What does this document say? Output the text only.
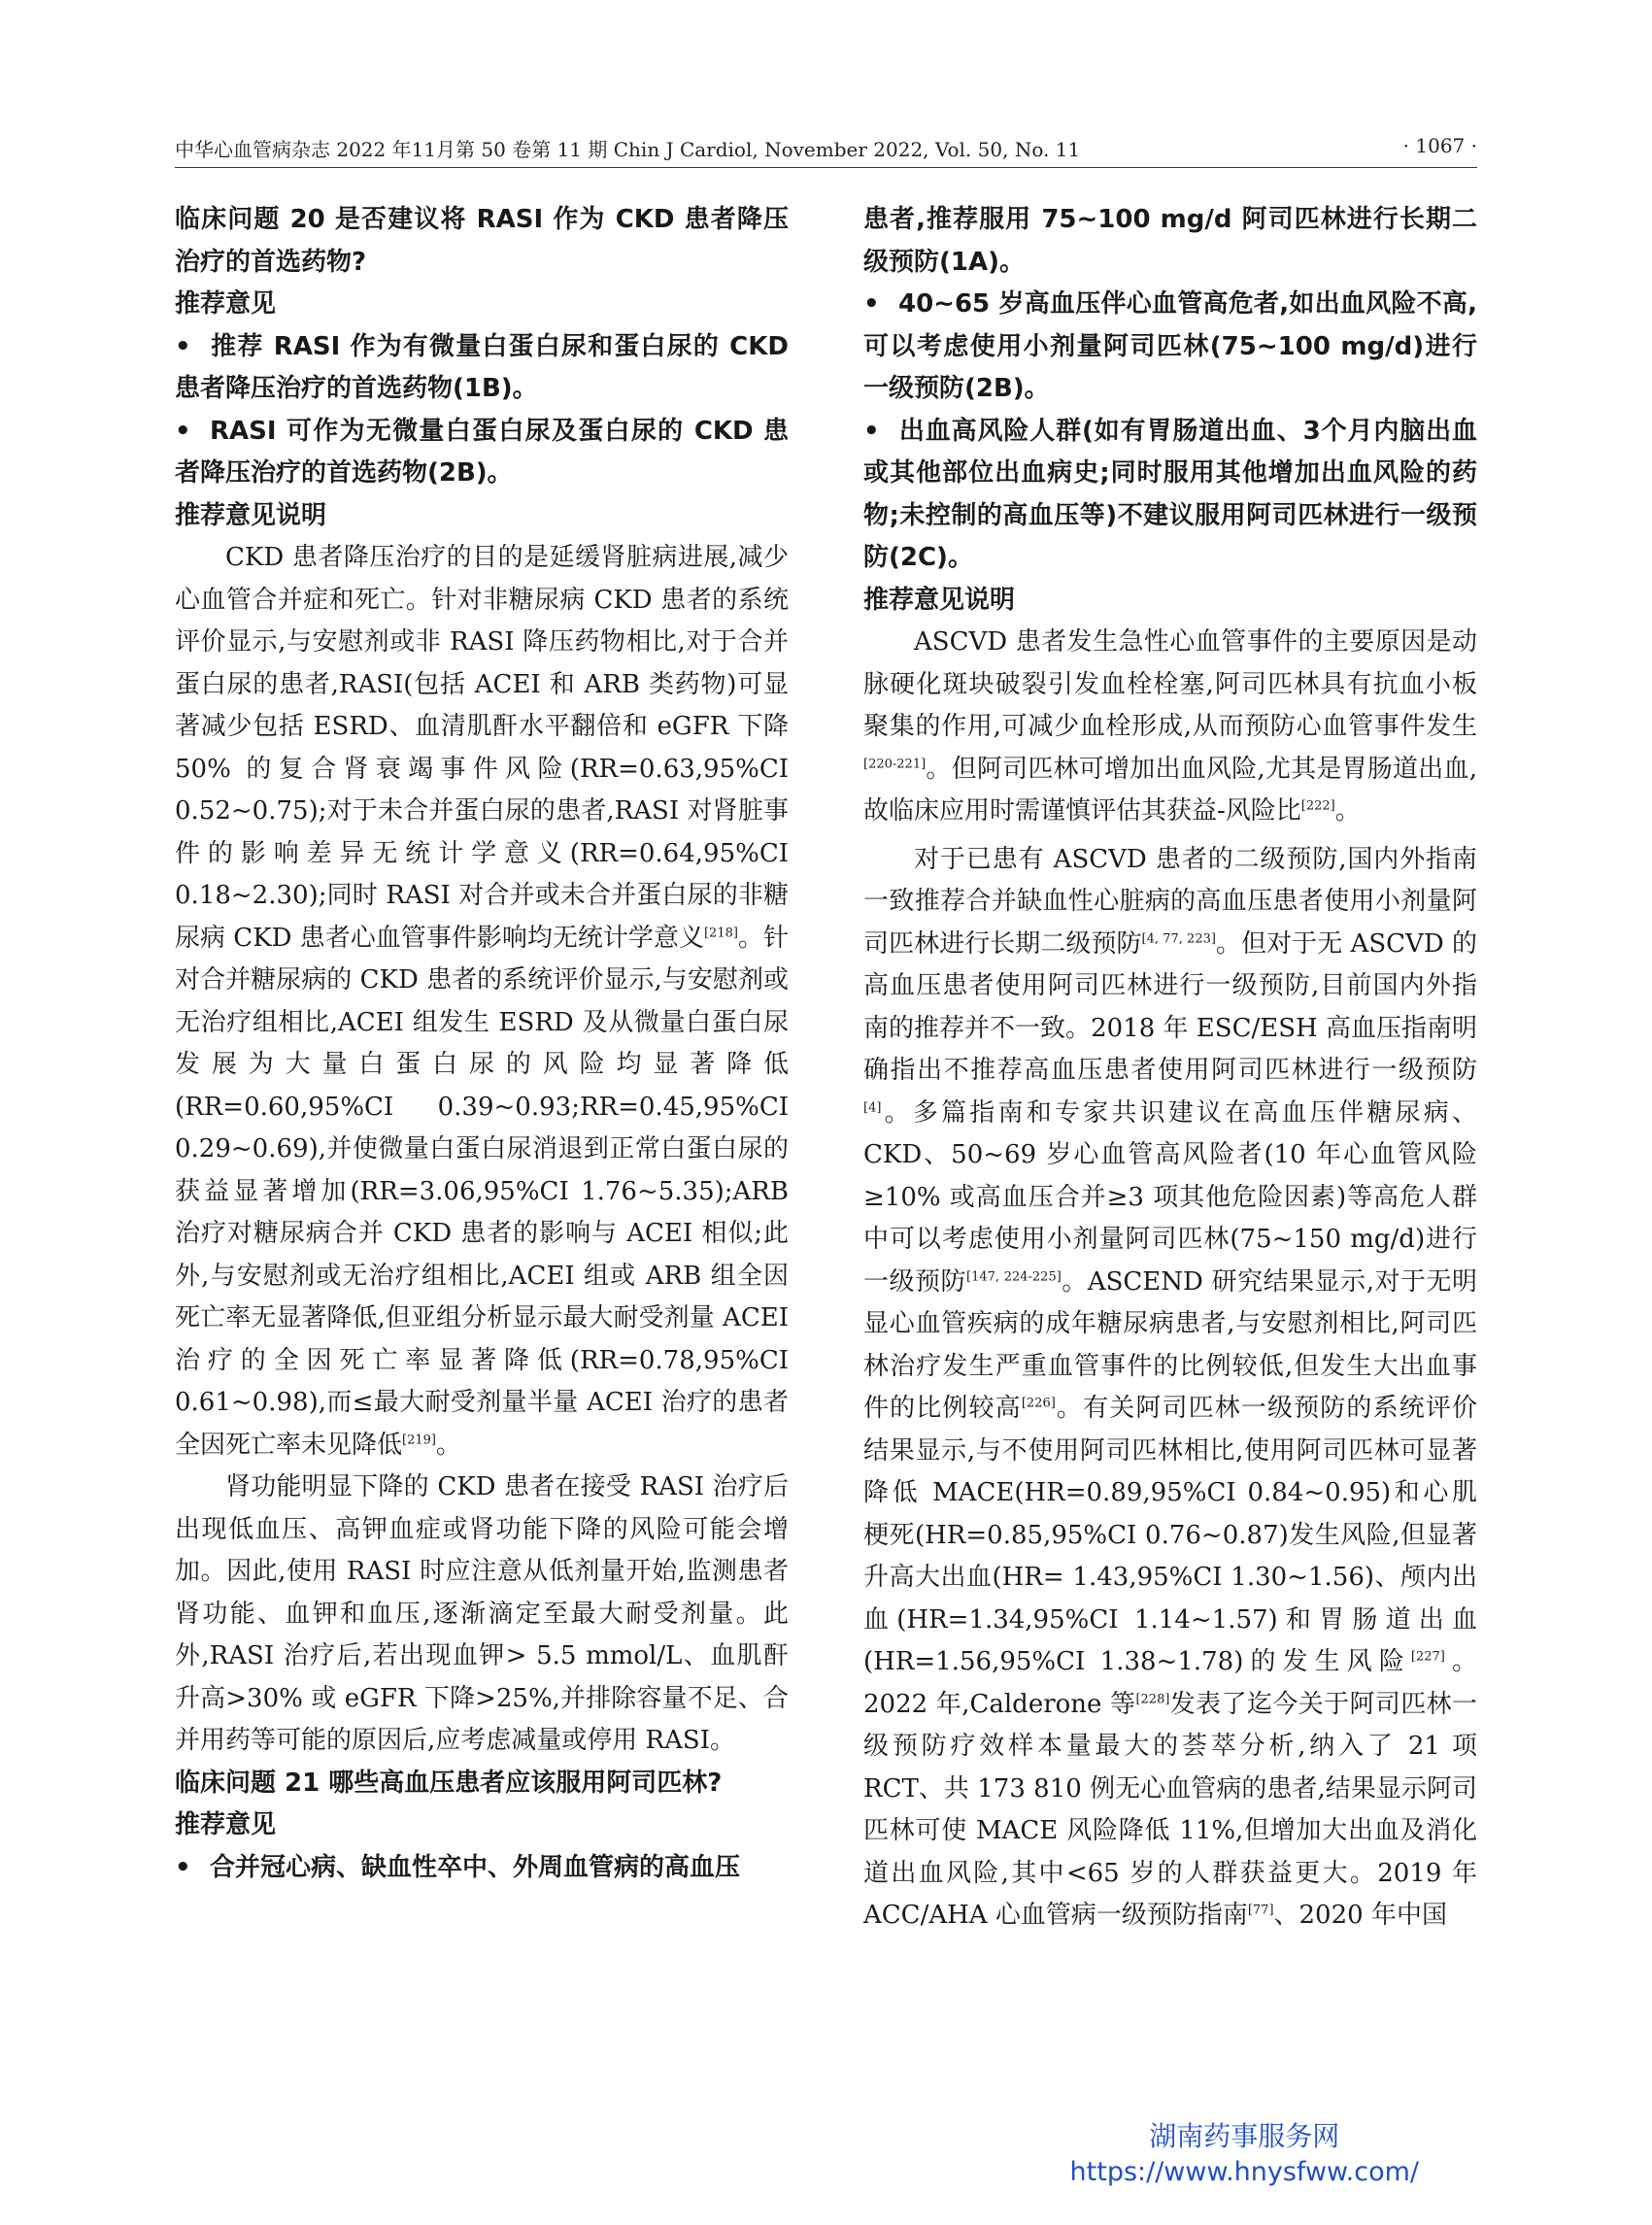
中华心血管病杂志 2022 年11月第 50 卷第 11 期 Chin J Cardiol, November 2022, Vol. 50, No. 11	· 1067 ·

临床问题 20 是否建议将 RASI 作为 CKD 患者降压治疗的首选药物?

推荐意见

• 推荐 RASI 作为有微量白蛋白尿和蛋白尿的 CKD 患者降压治疗的首选药物(1B)。

• RASI 可作为无微量白蛋白尿及蛋白尿的 CKD 患者降压治疗的首选药物(2B)。

推荐意见说明

CKD 患者降压治疗的目的是延缓肾脏病进展,减少心血管合并症和死亡。针对非糖尿病 CKD 患者的系统评价显示,与安慰剂或非 RASI 降压药物相比,对于合并蛋白尿的患者,RASI(包括 ACEI 和 ARB 类药物)可显著减少包括 ESRD、血清肌酐水平翻倍和 eGFR 下降 50% 的复合肾衰竭事件风险(RR=0.63,95%CI 0.52~0.75);对于未合并蛋白尿的患者,RASI 对肾脏事件的影响差异无统计学意义(RR=0.64,95%CI 0.18~2.30);同时 RASI 对合并或未合并蛋白尿的非糖尿病 CKD 患者心血管事件影响均无统计学意义[218]。针对合并糖尿病的 CKD 患者的系统评价显示,与安慰剂或无治疗组相比,ACEI 组发生 ESRD 及从微量白蛋白尿发展为大量白蛋白尿的风险均显著降低(RR=0.60,95%CI 0.39~0.93;RR=0.45,95%CI 0.29~0.69),并使微量白蛋白尿消退到正常白蛋白尿的获益显著增加(RR=3.06,95%CI 1.76~5.35);ARB 治疗对糖尿病合并 CKD 患者的影响与 ACEI 相似;此外,与安慰剂或无治疗组相比,ACEI 组或 ARB 组全因死亡率无显著降低,但亚组分析显示最大耐受剂量 ACEI 治疗的全因死亡率显著降低(RR=0.78,95%CI 0.61~0.98),而≤最大耐受剂量半量 ACEI 治疗的患者全因死亡率未见降低[219]。

肾功能明显下降的 CKD 患者在接受 RASI 治疗后出现低血压、高钾血症或肾功能下降的风险可能会增加。因此,使用 RASI 时应注意从低剂量开始,监测患者肾功能、血钾和血压,逐渐滴定至最大耐受剂量。此外,RASI 治疗后,若出现血钾> 5.5 mmol/L、血肌酐升高>30% 或 eGFR 下降>25%,并排除容量不足、合并用药等可能的原因后,应考虑减量或停用 RASI。

临床问题 21 哪些高血压患者应该服用阿司匹林?

推荐意见

• 合并冠心病、缺血性卒中、外周血管病的高血压

患者,推荐服用 75~100 mg/d 阿司匹林进行长期二级预防(1A)。

• 40~65 岁高血压伴心血管高危者,如出血风险不高,可以考虑使用小剂量阿司匹林(75~100 mg/d)进行一级预防(2B)。

• 出血高风险人群(如有胃肠道出血、3个月内脑出血或其他部位出血病史;同时服用其他增加出血风险的药物;未控制的高血压等)不建议服用阿司匹林进行一级预防(2C)。

推荐意见说明

ASCVD 患者发生急性心血管事件的主要原因是动脉硬化斑块破裂引发血栓栓塞,阿司匹林具有抗血小板聚集的作用,可减少血栓形成,从而预防心血管事件发生[220-221]。但阿司匹林可增加出血风险,尤其是胃肠道出血,故临床应用时需谨慎评估其获益-风险比[222]。

对于已患有 ASCVD 患者的二级预防,国内外指南一致推荐合并缺血性心脏病的高血压患者使用小剂量阿司匹林进行长期二级预防[4, 77, 223]。但对于无 ASCVD 的高血压患者使用阿司匹林进行一级预防,目前国内外指南的推荐并不一致。2018 年 ESC/ESH 高血压指南明确指出不推荐高血压患者使用阿司匹林进行一级预防[4]。多篇指南和专家共识建议在高血压伴糖尿病、CKD、50~69 岁心血管高风险者(10 年心血管风险≥10% 或高血压合并≥3 项其他危险因素)等高危人群中可以考虑使用小剂量阿司匹林(75~150 mg/d)进行一级预防[147, 224-225]。ASCEND 研究结果显示,对于无明显心血管疾病的成年糖尿病患者,与安慰剂相比,阿司匹林治疗发生严重血管事件的比例较低,但发生大出血事件的比例较高[226]。有关阿司匹林一级预防的系统评价结果显示,与不使用阿司匹林相比,使用阿司匹林可显著降低 MACE(HR=0.89,95%CI 0.84~0.95)和心肌梗死(HR=0.85,95%CI 0.76~0.87)发生风险,但显著升高大出血(HR= 1.43,95%CI 1.30~1.56)、颅内出血(HR=1.34,95%CI 1.14~1.57)和胃肠道出血(HR=1.56,95%CI 1.38~1.78)的发生风险[227]。2022 年,Calderone 等[228]发表了迄今关于阿司匹林一级预防疗效样本量最大的荟萃分析,纳入了 21 项 RCT、共 173 810 例无心血管病的患者,结果显示阿司匹林可使 MACE 风险降低 11%,但增加大出血及消化道出血风险,其中<65 岁的人群获益更大。2019 年 ACC/AHA 心血管病一级预防指南[77]、2020 年中国

湖南药事服务网
https://www.hnysfww.com/
